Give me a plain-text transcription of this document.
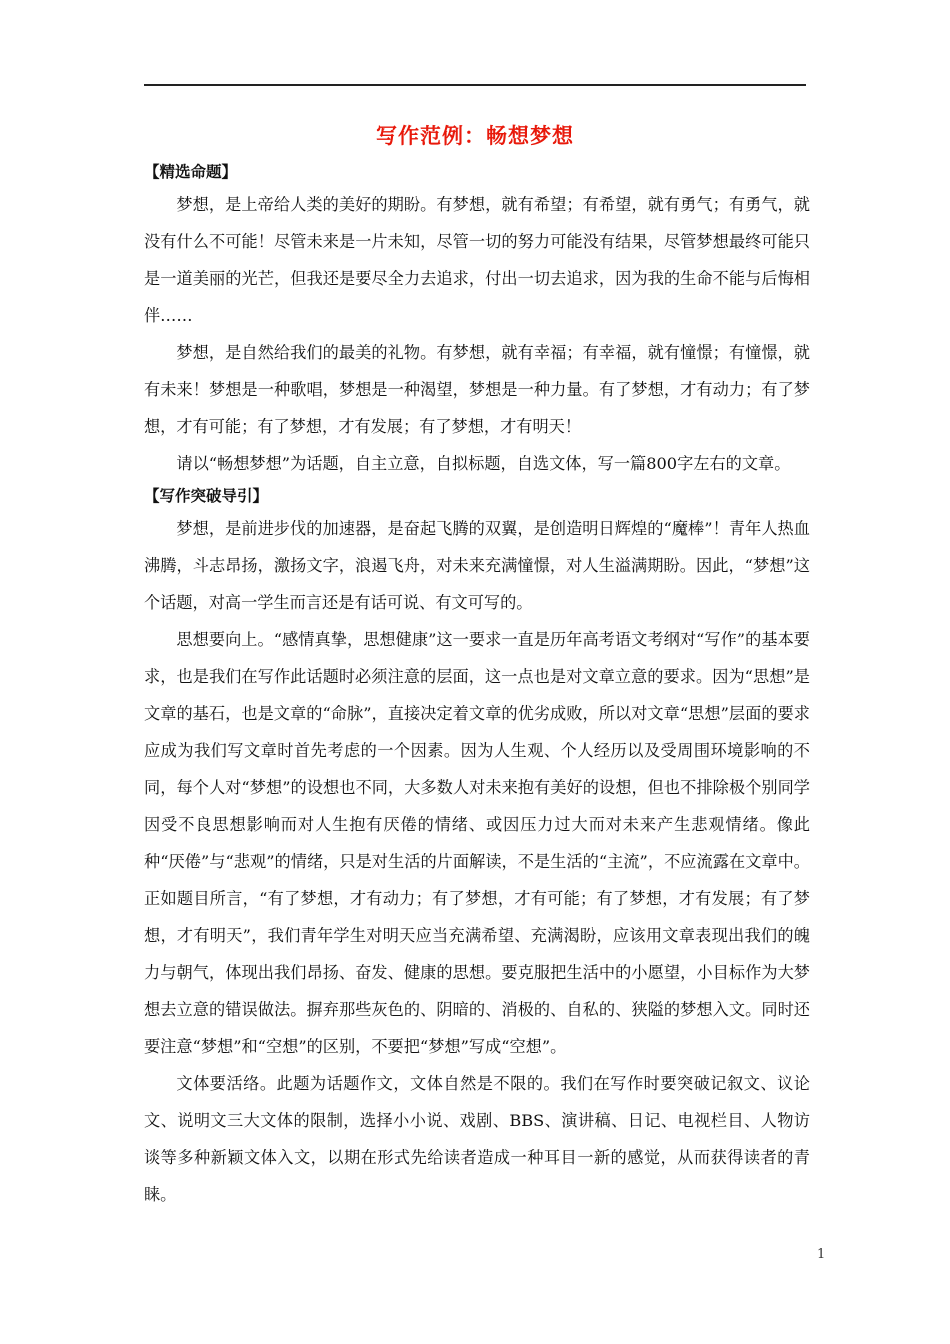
写作范例：畅想梦想

【精选命题】

梦想，是上帝给人类的美好的期盼。有梦想，就有希望；有希望，就有勇气；有勇气，就没有什么不可能！尽管未来是一片未知，尽管一切的努力可能没有结果，尽管梦想最终可能只是一道美丽的光芒，但我还是要尽全力去追求，付出一切去追求，因为我的生命不能与后悔相伴……

梦想，是自然给我们的最美的礼物。有梦想，就有幸福；有幸福，就有憧憬；有憧憬，就有未来！梦想是一种歌唱，梦想是一种渴望，梦想是一种力量。有了梦想，才有动力；有了梦想，才有可能；有了梦想，才有发展；有了梦想，才有明天！

请以“畅想梦想”为话题，自主立意，自拟标题，自选文体，写一篇800字左右的文章。

【写作突破导引】

梦想，是前进步伐的加速器，是奋起飞腾的双翼，是创造明日辉煌的“魔棒”！青年人热血沸腾，斗志昂扬，激扬文字，浪遏飞舟，对未来充满憧憬，对人生溢满期盼。因此，“梦想”这个话题，对高一学生而言还是有话可说、有文可写的。

思想要向上。“感情真挚，思想健康”这一要求一直是历年高考语文考纲对“写作”的基本要求，也是我们在写作此话题时必须注意的层面，这一点也是对文章立意的要求。因为“思想”是文章的基石，也是文章的“命脉”，直接决定着文章的优劣成败，所以对文章“思想”层面的要求应成为我们写文章时首先考虑的一个因素。因为人生观、个人经历以及受周围环境影响的不同，每个人对“梦想”的设想也不同，大多数人对未来抱有美好的设想，但也不排除极个别同学因受不良思想影响而对人生抱有厌倦的情绪、或因压力过大而对未来产生悲观情绪。像此种“厌倦”与“悲观”的情绪，只是对生活的片面解读，不是生活的“主流”，不应流露在文章中。正如题目所言，“有了梦想，才有动力；有了梦想，才有可能；有了梦想，才有发展；有了梦想，才有明天”，我们青年学生对明天应当充满希望、充满渴盼，应该用文章表现出我们的魄力与朝气，体现出我们昂扬、奋发、健康的思想。要克服把生活中的小愿望，小目标作为大梦想去立意的错误做法。摒弃那些灰色的、阴暗的、消极的、自私的、狭隘的梦想入文。同时还要注意“梦想”和“空想”的区别，不要把“梦想”写成“空想”。

文体要活络。此题为话题作文，文体自然是不限的。我们在写作时要突破记叙文、议论文、说明文三大文体的限制，选择小小说、戏剧、BBS、演讲稿、日记、电视栏目、人物访谈等多种新颖文体入文，以期在形式先给读者造成一种耳目一新的感觉，从而获得读者的青睐。

1
